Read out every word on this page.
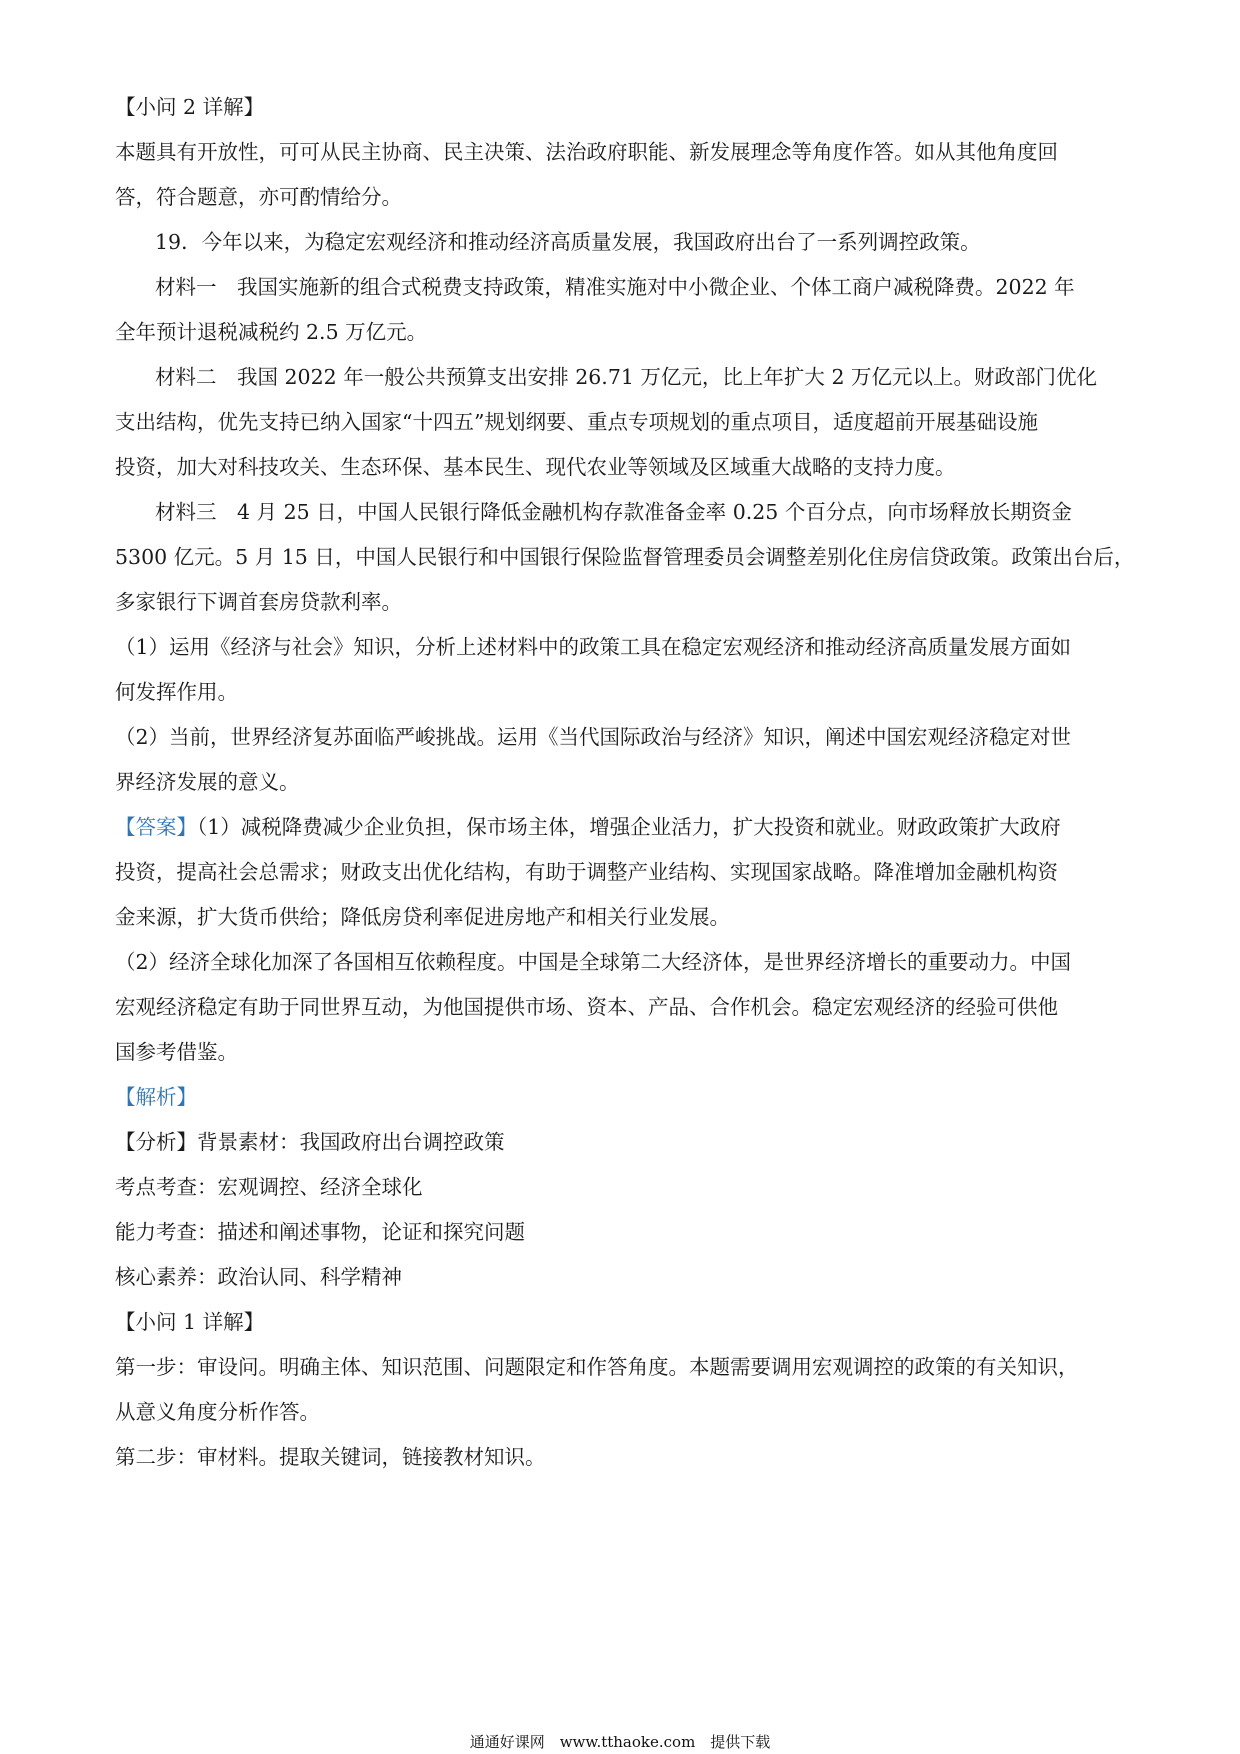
【小问 2 详解】
本题具有开放性，可可从民主协商、民主决策、法治政府职能、新发展理念等角度作答。如从其他角度回
答，符合题意，亦可酌情给分。
19．今年以来，为稳定宏观经济和推动经济高质量发展，我国政府出台了一系列调控政策。
材料一　我国实施新的组合式税费支持政策，精准实施对中小微企业、个体工商户减税降费。2022 年
全年预计退税减税约 2.5 万亿元。
材料二　我国 2022 年一般公共预算支出安排 26.71 万亿元，比上年扩大 2 万亿元以上。财政部门优化
支出结构，优先支持已纳入国家“十四五”规划纲要、重点专项规划的重点项目，适度超前开展基础设施
投资，加大对科技攻关、生态环保、基本民生、现代农业等领域及区域重大战略的支持力度。
材料三　4 月 25 日，中国人民银行降低金融机构存款准备金率 0.25 个百分点，向市场释放长期资金
5300 亿元。5 月 15 日，中国人民银行和中国银行保险监督管理委员会调整差别化住房信贷政策。政策出台后，
多家银行下调首套房贷款利率。
（1）运用《经济与社会》知识，分析上述材料中的政策工具在稳定宏观经济和推动经济高质量发展方面如
何发挥作用。
（2）当前，世界经济复苏面临严峻挑战。运用《当代国际政治与经济》知识，阐述中国宏观经济稳定对世
界经济发展的意义。
【答案】（1）减税降费减少企业负担，保市场主体，增强企业活力，扩大投资和就业。财政政策扩大政府
投资，提高社会总需求；财政支出优化结构，有助于调整产业结构、实现国家战略。降准增加金融机构资
金来源，扩大货币供给；降低房贷利率促进房地产和相关行业发展。
（2）经济全球化加深了各国相互依赖程度。中国是全球第二大经济体，是世界经济增长的重要动力。中国
宏观经济稳定有助于同世界互动，为他国提供市场、资本、产品、合作机会。稳定宏观经济的经验可供他
国参考借鉴。
【解析】
【分析】背景素材：我国政府出台调控政策
考点考查：宏观调控、经济全球化
能力考查：描述和阐述事物，论证和探究问题
核心素养：政治认同、科学精神
【小问 1 详解】
第一步：审设问。明确主体、知识范围、问题限定和作答角度。本题需要调用宏观调控的政策的有关知识，
从意义角度分析作答。
第二步：审材料。提取关键词，链接教材知识。
通通好课网　www.tthaoke.com　提供下载
